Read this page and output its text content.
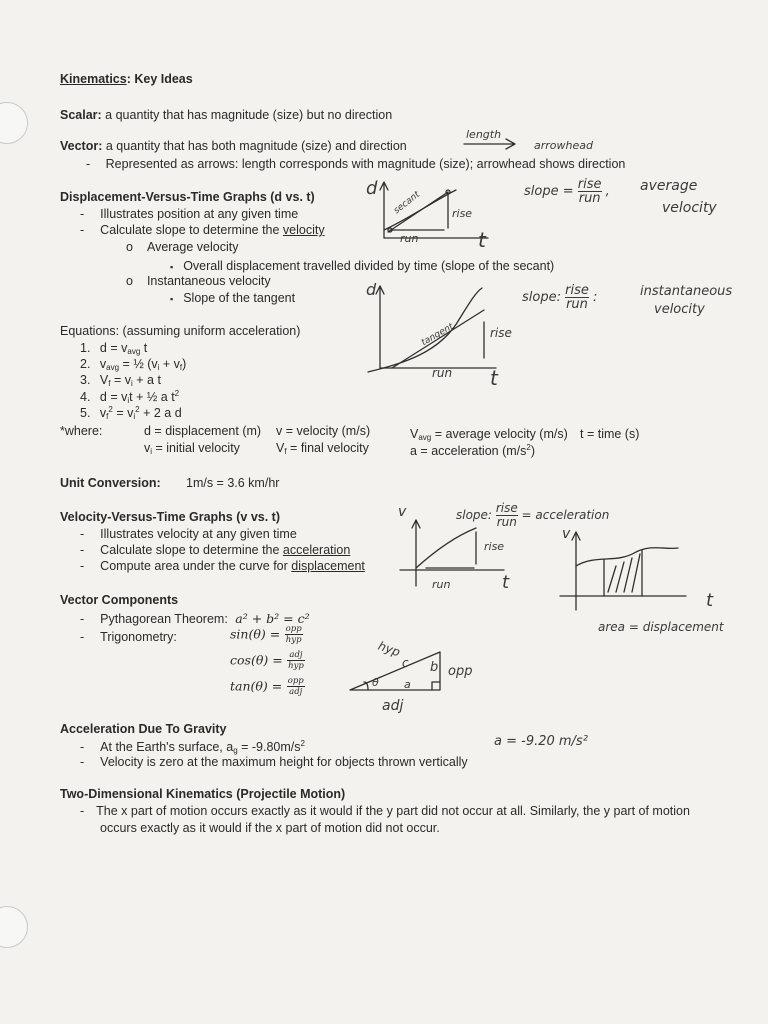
Kinematics: Key Ideas
Scalar: a quantity that has magnitude (size) but no direction
Vector: a quantity that has both magnitude (size) and direction
- Represented as arrows: length corresponds with magnitude (size); arrowhead shows direction
length
arrowhead
Displacement-Versus-Time Graphs (d vs. t)
- Illustrates position at any given time
- Calculate slope to determine the velocity
o Average velocity
▪ Overall displacement travelled divided by time (slope of the secant)
o Instantaneous velocity
▪ Slope of the tangent
d
t
secant	rise
run
slope = $\frac{\text{rise}}{\text{run}}$ , average
velocity
d
t
rise
run
tangent
slope: $\frac{\text{rise}}{\text{run}}$ :	instantaneous
velocity
Equations: (assuming uniform acceleration)
1. $d = v_{avg}$ t
2. $v_{avg}$ = ½ $(v_i + v_f)$
3. $V_f = v_i + a$ t
4. $d = v_it$ + ½ a $t^2$
5. $v_f^2 = v_i^2 + 2$ a d
*where:	d = displacement (m) v = velocity (m/s)	$V_{avg}$ = average velocity (m/s) t = time (s)
$v_i$ = initial velocity	$V_f$ = final velocity	a = acceleration $(m/s^2)$
Unit Conversion: 1m/s = 3.6 km/hr
Velocity-Versus-Time Graphs (v vs. t)
- Illustrates velocity at any given time
- Calculate slope to determine the acceleration
- Compute area under the curve for displacement
v
t
rise
run
slope: $\frac{\text{rise}}{\text{run}}$ = acceleration
v
t
area = displacement
Vector Components
- Pythagorean Theorem: a² + b² = c²
- Trigonometry:	$\sin(\theta) = \frac{\text{opp}}{\text{hyp}}$
$\cos(\theta) = \frac{\text{adj}}{\text{hyp}}$
$\tan(\theta) = \frac{\text{opp}}{\text{adj}}$
hyp
c b opp
θ a
adj
Acceleration Due To Gravity
- At the Earth's surface, $a_g = -9.80m/s^2$
- Velocity is zero at the maximum height for objects thrown vertically
a = -9.20 m/s²
Two-Dimensional Kinematics (Projectile Motion)
- The x part of motion occurs exactly as it would if the y part did not occur at all. Similarly, the y part of motion
occurs exactly as it would if the x part of motion did not occur.
